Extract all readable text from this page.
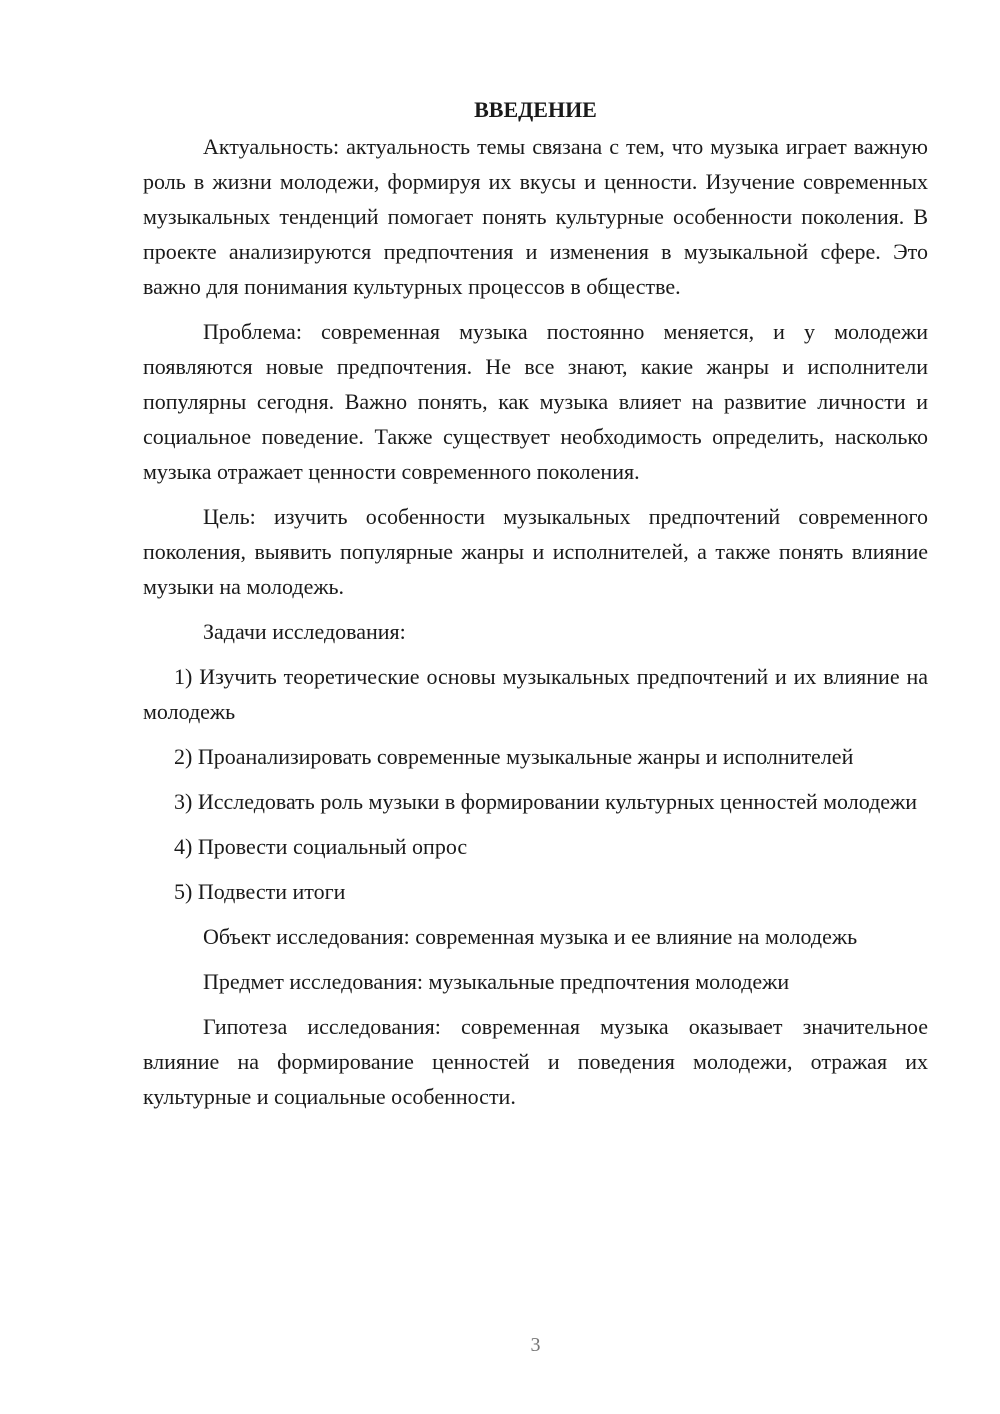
ВВЕДЕНИЕ

Актуальность: актуальность темы связана с тем, что музыка играет важную роль в жизни молодежи, формируя их вкусы и ценности. Изучение современных музыкальных тенденций помогает понять культурные особенности поколения. В проекте анализируются предпочтения и изменения в музыкальной сфере. Это важно для понимания культурных процессов в обществе.

Проблема: современная музыка постоянно меняется, и у молодежи появляются новые предпочтения. Не все знают, какие жанры и исполнители популярны сегодня. Важно понять, как музыка влияет на развитие личности и социальное поведение. Также существует необходимость определить, насколько музыка отражает ценности современного поколения.

Цель: изучить особенности музыкальных предпочтений современного поколения, выявить популярные жанры и исполнителей, а также понять влияние музыки на молодежь.

Задачи исследования:

1) Изучить теоретические основы музыкальных предпочтений и их влияние на молодежь

2) Проанализировать современные музыкальные жанры и исполнителей

3) Исследовать роль музыки в формировании культурных ценностей молодежи

4) Провести социальный опрос

5) Подвести итоги

Объект исследования: современная музыка и ее влияние на молодежь

Предмет исследования: музыкальные предпочтения молодежи

Гипотеза исследования: современная музыка оказывает значительное влияние на формирование ценностей и поведения молодежи, отражая их культурные и социальные особенности.

3
